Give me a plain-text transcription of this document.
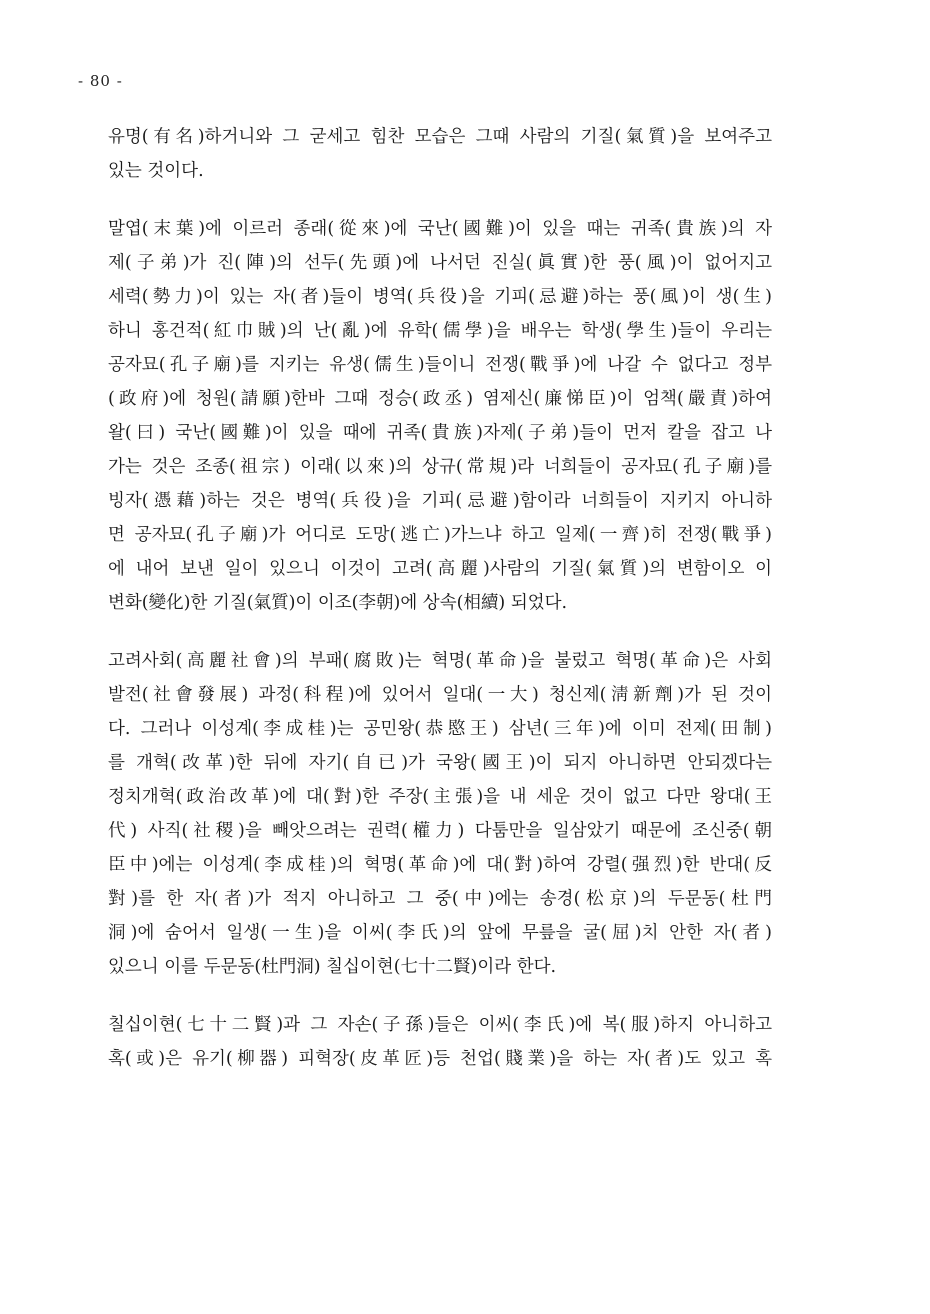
- 80 -
유명(有名)하거니와 그 굳세고 힘찬 모습은 그때 사람의 기질(氣質)을 보여주고
있는 것이다.
말엽(末葉)에 이르러 종래(從來)에 국난(國難)이 있을 때는 귀족(貴族)의 자
제(子弟)가 진(陣)의 선두(先頭)에 나서던 진실(眞實)한 풍(風)이 없어지고
세력(勢力)이 있는 자(者)들이 병역(兵役)을 기피(忌避)하는 풍(風)이 생(生)
하니 홍건적(紅巾賊)의 난(亂)에 유학(儒學)을 배우는 학생(學生)들이 우리는
공자묘(孔子廟)를 지키는 유생(儒生)들이니 전쟁(戰爭)에 나갈 수 없다고 정부
(政府)에 청원(請願)한바 그때 정승(政丞) 염제신(廉悌臣)이 엄책(嚴責)하여
왈(曰) 국난(國難)이 있을 때에 귀족(貴族)자제(子弟)들이 먼저 칼을 잡고 나
가는 것은 조종(祖宗) 이래(以來)의 상규(常規)라 너희들이 공자묘(孔子廟)를
빙자(憑藉)하는 것은 병역(兵役)을 기피(忌避)함이라 너희들이 지키지 아니하
면 공자묘(孔子廟)가 어디로 도망(逃亡)가느냐 하고 일제(一齊)히 전쟁(戰爭)
에 내어 보낸 일이 있으니 이것이 고려(高麗)사람의 기질(氣質)의 변함이오 이
변화(變化)한 기질(氣質)이 이조(李朝)에 상속(相續) 되었다.
고려사회(高麗社會)의 부패(腐敗)는 혁명(革命)을 불렀고 혁명(革命)은 사회
발전(社會發展) 과정(科程)에 있어서 일대(一大) 청신제(淸新劑)가 된 것이
다. 그러나 이성계(李成桂)는 공민왕(恭愍王) 삼년(三年)에 이미 전제(田制)
를 개혁(改革)한 뒤에 자기(自已)가 국왕(國王)이 되지 아니하면 안되겠다는
정치개혁(政治改革)에 대(對)한 주장(主張)을 내 세운 것이 없고 다만 왕대(王
代) 사직(社稷)을 빼앗으려는 권력(權力) 다툼만을 일삼았기 때문에 조신중(朝
臣中)에는 이성계(李成桂)의 혁명(革命)에 대(對)하여 강렬(强烈)한 반대(反
對)를 한 자(者)가 적지 아니하고 그 중(中)에는 송경(松京)의 두문동(杜門
洞)에 숨어서 일생(一生)을 이씨(李氏)의 앞에 무릎을 굴(屈)치 안한 자(者)
있으니 이를 두문동(杜門洞) 칠십이현(七十二賢)이라 한다.
칠십이현(七十二賢)과 그 자손(子孫)들은 이씨(李氏)에 복(服)하지 아니하고
혹(或)은 유기(柳器) 피혁장(皮革匠)등 천업(賤業)을 하는 자(者)도 있고 혹
